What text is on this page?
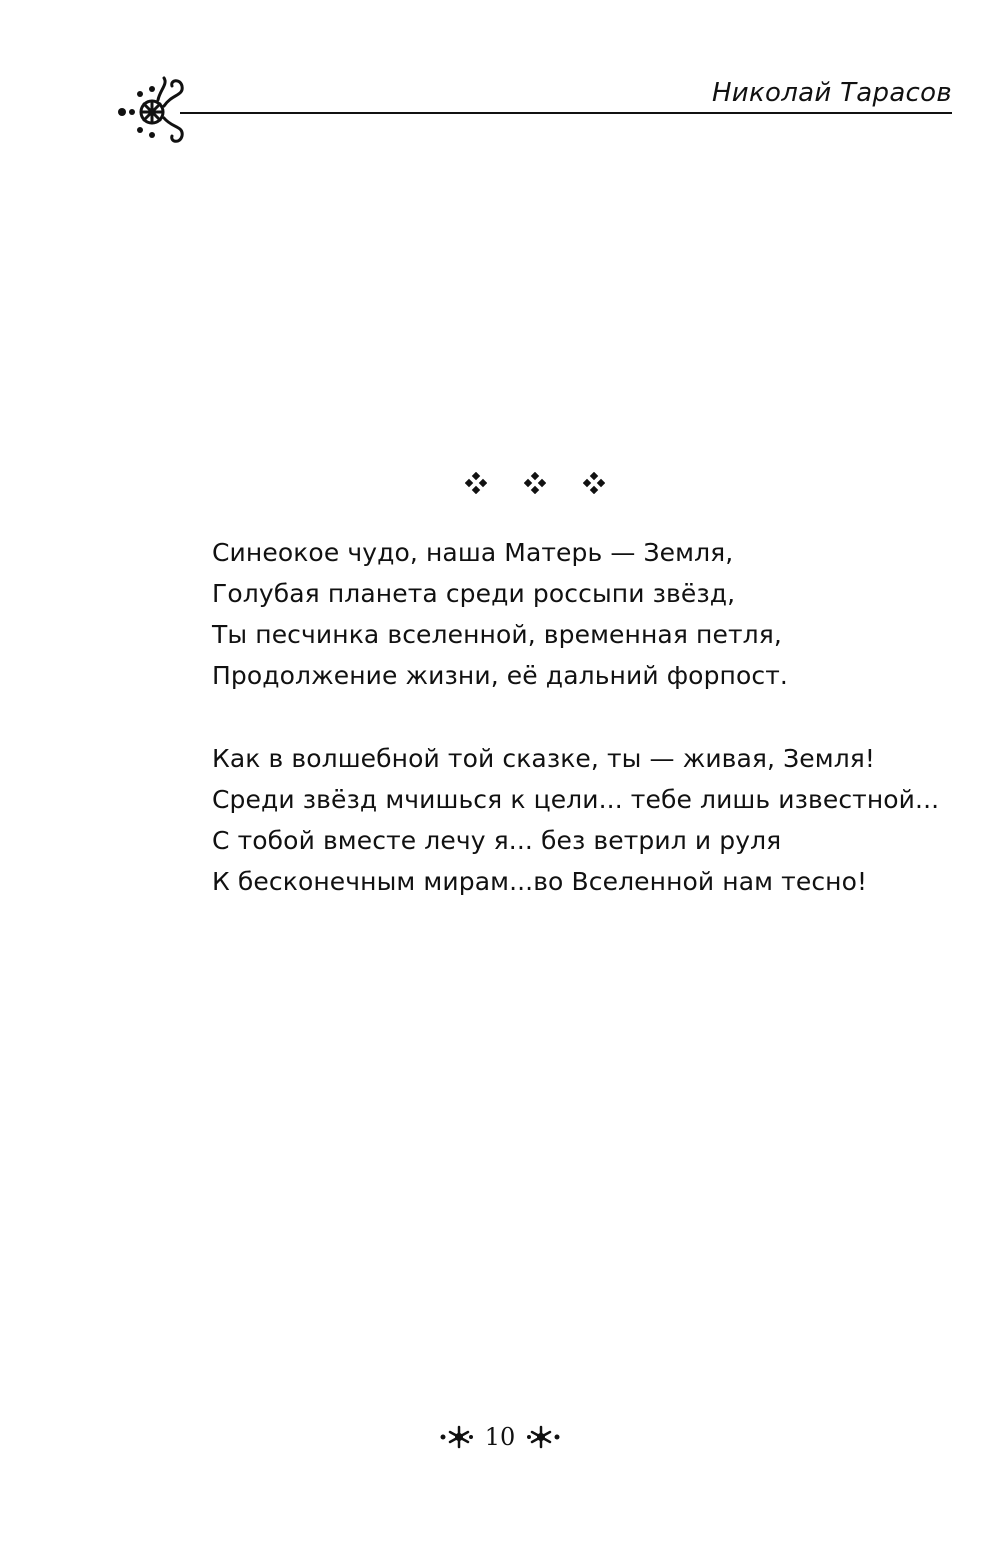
Николай Тарасов

Синеокое чудо, наша Матерь — Земля,
Голубая планета среди россыпи звёзд,
Ты песчинка вселенной, временная петля,
Продолжение жизни, её дальний форпост.

Как в волшебной той сказке, ты — живая, Земля!
Среди звёзд мчишься к цели... тебе лишь известной...
С тобой вместе лечу я... без ветрил и руля
К бесконечным мирам...во Вселенной нам тесно!

10
